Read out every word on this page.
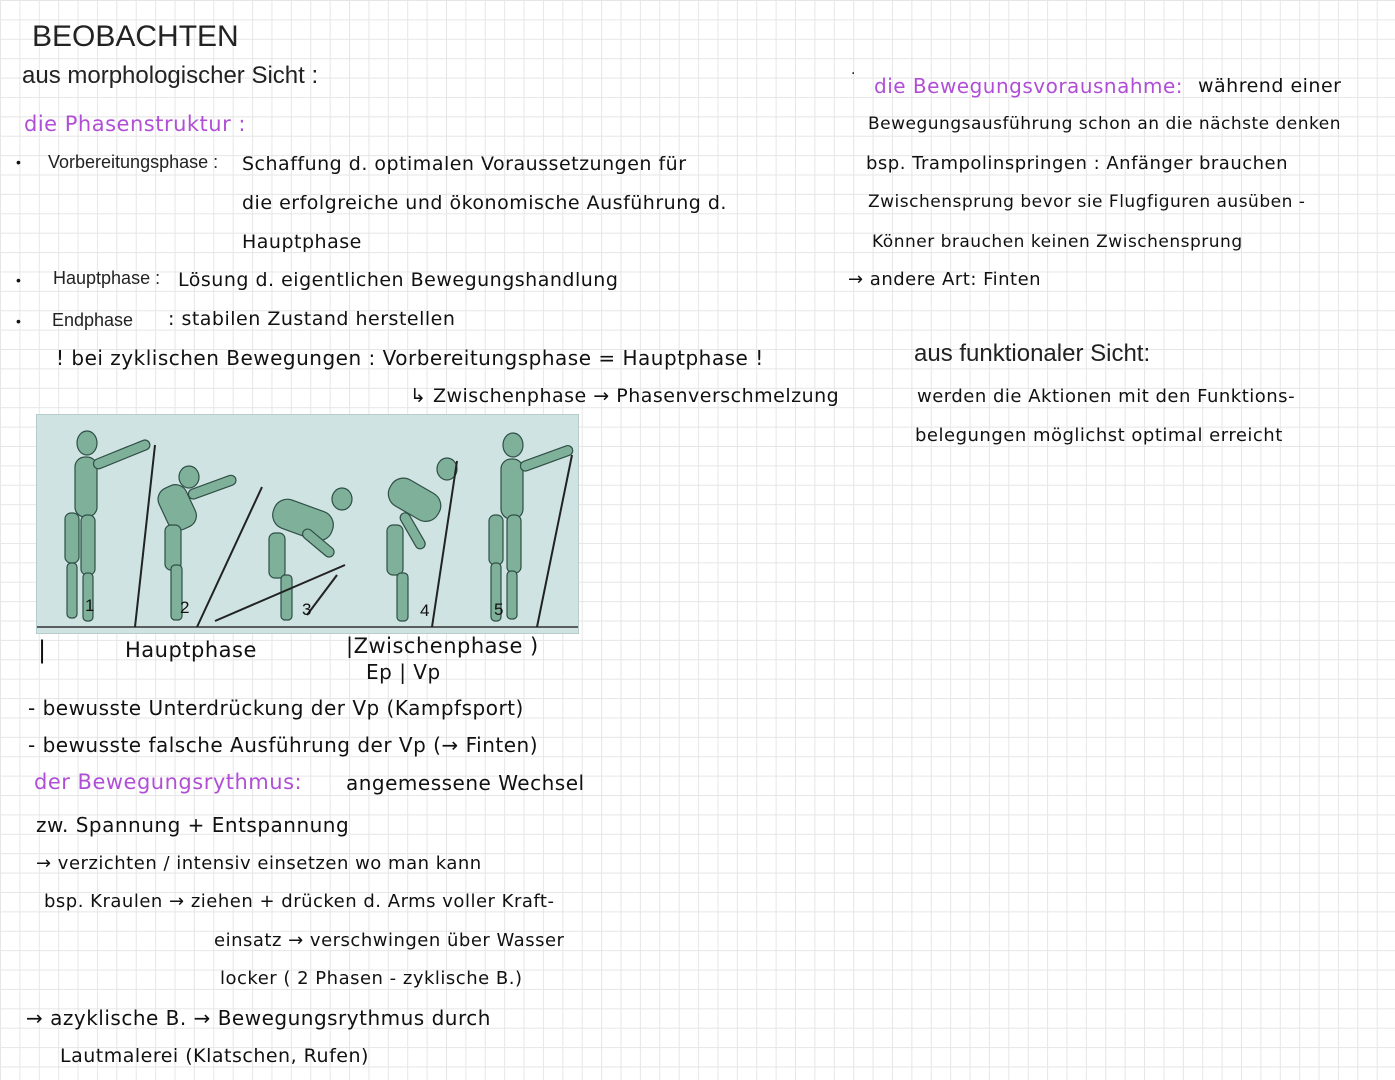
BEOBACHTEN
aus morphologischer Sicht :
die Phasenstruktur :
• Vorbereitungsphase : Schaffung d. optimalen Voraussetzungen für
die erfolgreiche und ökonomische Ausführung d.
Hauptphase
• Hauptphase : Lösung d. eigentlichen Bewegungshandlung
• Endphase : stabilen Zustand herstellen
! bei zyklischen Bewegungen : Vorbereitungsphase = Hauptphase !
↳ Zwischenphase → Phasenverschmelzung
1	2	3	4	5
|	Hauptphase	|Zwischenphase )
Ep | Vp
- bewusste Unterdrückung der Vp (Kampfsport)
- bewusste falsche Ausführung der Vp (→ Finten)
der Bewegungsrythmus: angemessene Wechsel
zw. Spannung + Entspannung
→ verzichten / intensiv einsetzen wo man kann
bsp. Kraulen → ziehen + drücken d. Arms voller Kraft-
einsatz → verschwingen über Wasser
locker ( 2 Phasen - zyklische B.)
→ azyklische B. → Bewegungsrythmus durch
Lautmalerei (Klatschen, Rufen)
· die Bewegungsvorausnahme: während einer
Bewegungsausführung schon an die nächste denken
bsp. Trampolinspringen : Anfänger brauchen
Zwischensprung bevor sie Flugfiguren ausüben -
Könner brauchen keinen Zwischensprung
→ andere Art: Finten
aus funktionaler Sicht:
werden die Aktionen mit den Funktions-
belegungen möglichst optimal erreicht
